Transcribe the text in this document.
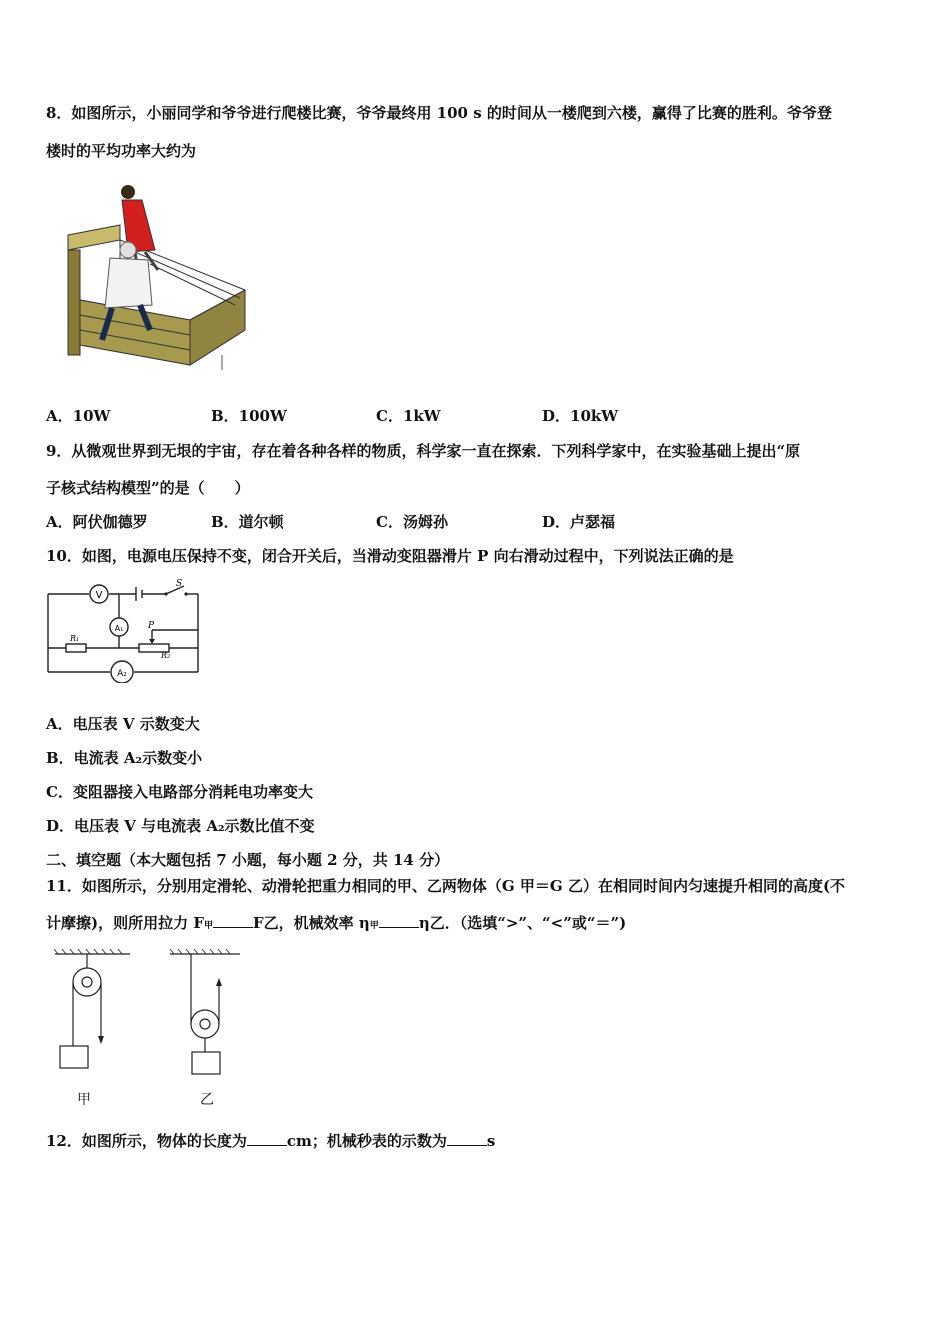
8．如图所示，小丽同学和爷爷进行爬楼比赛，爷爷最终用 100 s 的时间从一楼爬到六楼，赢得了比赛的胜利。爷爷登
楼时的平均功率大约为
A．10W	B．100W	C．1kW	D．10kW
9．从微观世界到无垠的宇宙，存在着各种各样的物质，科学家一直在探索．下列科学家中，在实验基础上提出“原
子核式结构模型”的是（　　）
A．阿伏伽德罗	B．道尔顿	C．汤姆孙	D．卢瑟福
10．如图，电源电压保持不变，闭合开关后，当滑动变阻器滑片 P 向右滑动过程中，下列说法正确的是
V
S
A₁	P
R₁
R₂
A₂
A．电压表 V 示数变大
B．电流表 A₂示数变小
C．变阻器接入电路部分消耗电功率变大
D．电压表 V 与电流表 A₂示数比值不变
二、填空题（本大题包括 7 小题，每小题 2 分，共 14 分）
11．如图所示，分别用定滑轮、动滑轮把重力相同的甲、乙两物体（G 甲＝G 乙）在相同时间内匀速提升相同的高度(不
计摩擦)，则所用拉力 F甲	F乙，机械效率 η甲	η乙．（选填“>”、“<”或“＝”)
甲	乙
12．如图所示，物体的长度为	cm；机械秒表的示数为	s
